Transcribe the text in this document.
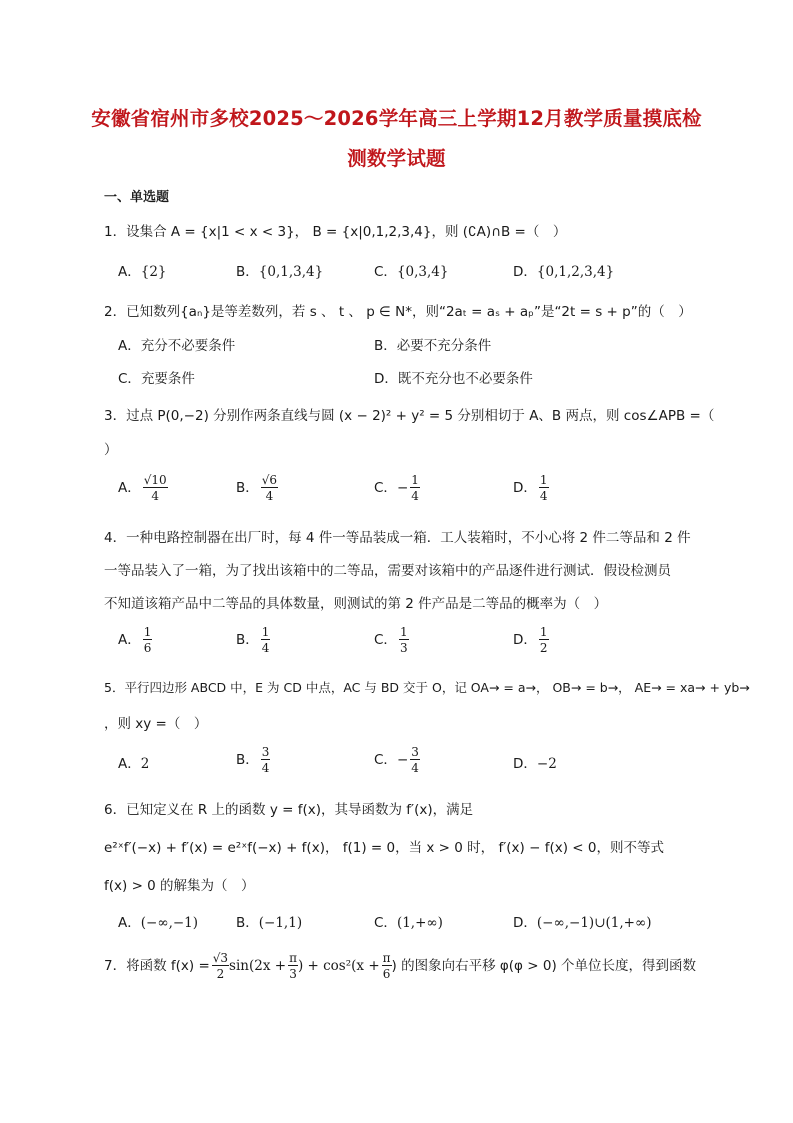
安徽省宿州市多校2025～2026学年高三上学期12月教学质量摸底检
测数学试题
一、单选题
1．设集合 A = {x|1 < x < 3}， B = {x|0,1,2,3,4}，则 (∁A)∩B =（　）
A．{2}	B．{0,1,3,4}	C．{0,3,4}	D．{0,1,2,3,4}
2．已知数列{aₙ}是等差数列，若 s 、 t 、 p ∈ N*，则“2aₜ = aₛ + aₚ”是“2t = s + p”的（　）
A．充分不必要条件	B．必要不充分条件
C．充要条件	D．既不充分也不必要条件
3．过点 P(0,−2) 分别作两条直线与圆 (x − 2)² + y² = 5 分别相切于 A、B 两点，则 cos∠APB =（
）
A． $\frac{√10}{4}$	B． $\frac{√6}{4}$	C．− $\frac{1}{4}$	D． $\frac{1}{4}$
4．一种电路控制器在出厂时，每 4 件一等品装成一箱．工人装箱时，不小心将 2 件二等品和 2 件
一等品装入了一箱，为了找出该箱中的二等品，需要对该箱中的产品逐件进行测试．假设检测员
不知道该箱产品中二等品的具体数量，则测试的第 2 件产品是二等品的概率为（　）
A． $\frac{1}{6}$	B． $\frac{1}{4}$	C． $\frac{1}{3}$	D． $\frac{1}{2}$
5．平行四边形 ABCD 中，E 为 CD 中点，AC 与 BD 交于 O，记 OA→ = a→， OB→ = b→， AE→ = xa→ + yb→
，则 xy =（　）
A．2	B． $\frac{3}{4}$	C．− $\frac{3}{4}$	D．−2
6．已知定义在 R 上的函数 y = f(x)，其导函数为 f′(x)，满足
e²ˣf′(−x) + f′(x) = e²ˣf(−x) + f(x)， f(1) = 0，当 x > 0 时， f′(x) − f(x) < 0，则不等式
f(x) > 0 的解集为（　）
A．(−∞,−1)	B．(−1,1)	C．(1,+∞)	D．(−∞,−1)∪(1,+∞)
7．将函数 $f(x) = \frac{√3}{2} \sin(2x + \frac{\pi}{3}$ ) + $\cos^2(x + \frac{\pi}{6}$ ) 的图象向右平移 φ(φ > 0) 个单位长度，得到函数
